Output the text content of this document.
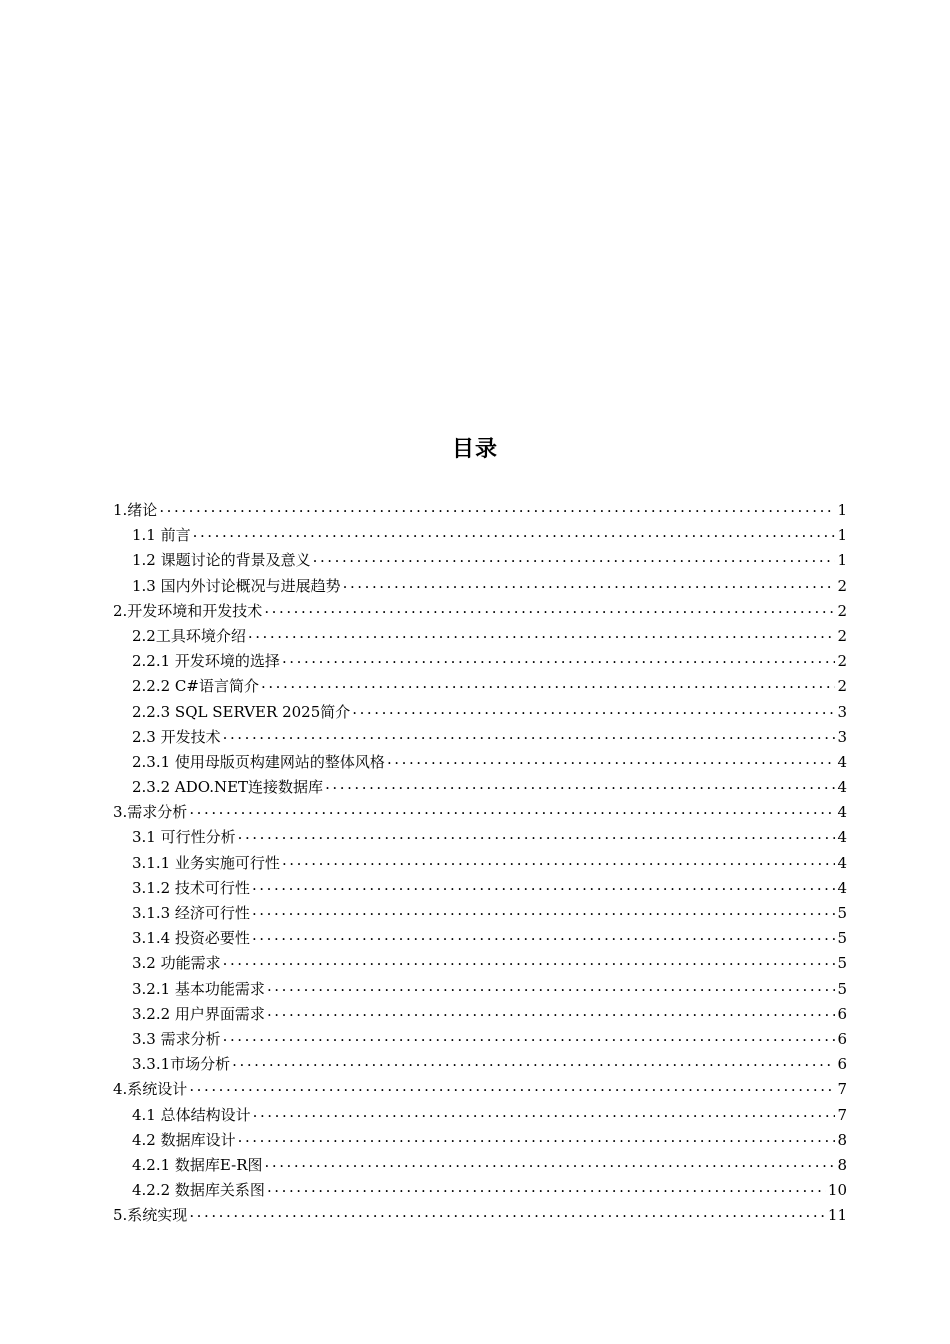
目录
1.绪论 . . .	1
1.1 前言 . . .	1
1.2 课题讨论的背景及意义 . . .	1
1.3 国内外讨论概况与进展趋势 . . .	2
2.开发环境和开发技术 . . .	2
2.2工具环境介绍 . . .	2
2.2.1 开发环境的选择 . . .	2
2.2.2 C#语言简介 . . .	2
2.2.3 SQL SERVER 2025简介 . . .	3
2.3 开发技术 . . .	3
2.3.1 使用母版页构建网站的整体风格 . . .	4
2.3.2 ADO.NET连接数据库 . . .	4
3.需求分析 . . .	4
3.1 可行性分析 . . .	4
3.1.1 业务实施可行性 . . .	4
3.1.2 技术可行性 . . .	4
3.1.3 经济可行性 . . .	5
3.1.4 投资必要性 . . .	5
3.2 功能需求 . . .	5
3.2.1 基本功能需求 . . .	5
3.2.2 用户界面需求 . . .	6
3.3 需求分析 . . .	6
3.3.1市场分析 . . .	6
4.系统设计 . . .	7
4.1 总体结构设计 . . .	7
4.2 数据库设计 . . .	8
4.2.1 数据库E-R图 . . .	8
4.2.2 数据库关系图 . . .	10
5.系统实现 . . .	11
